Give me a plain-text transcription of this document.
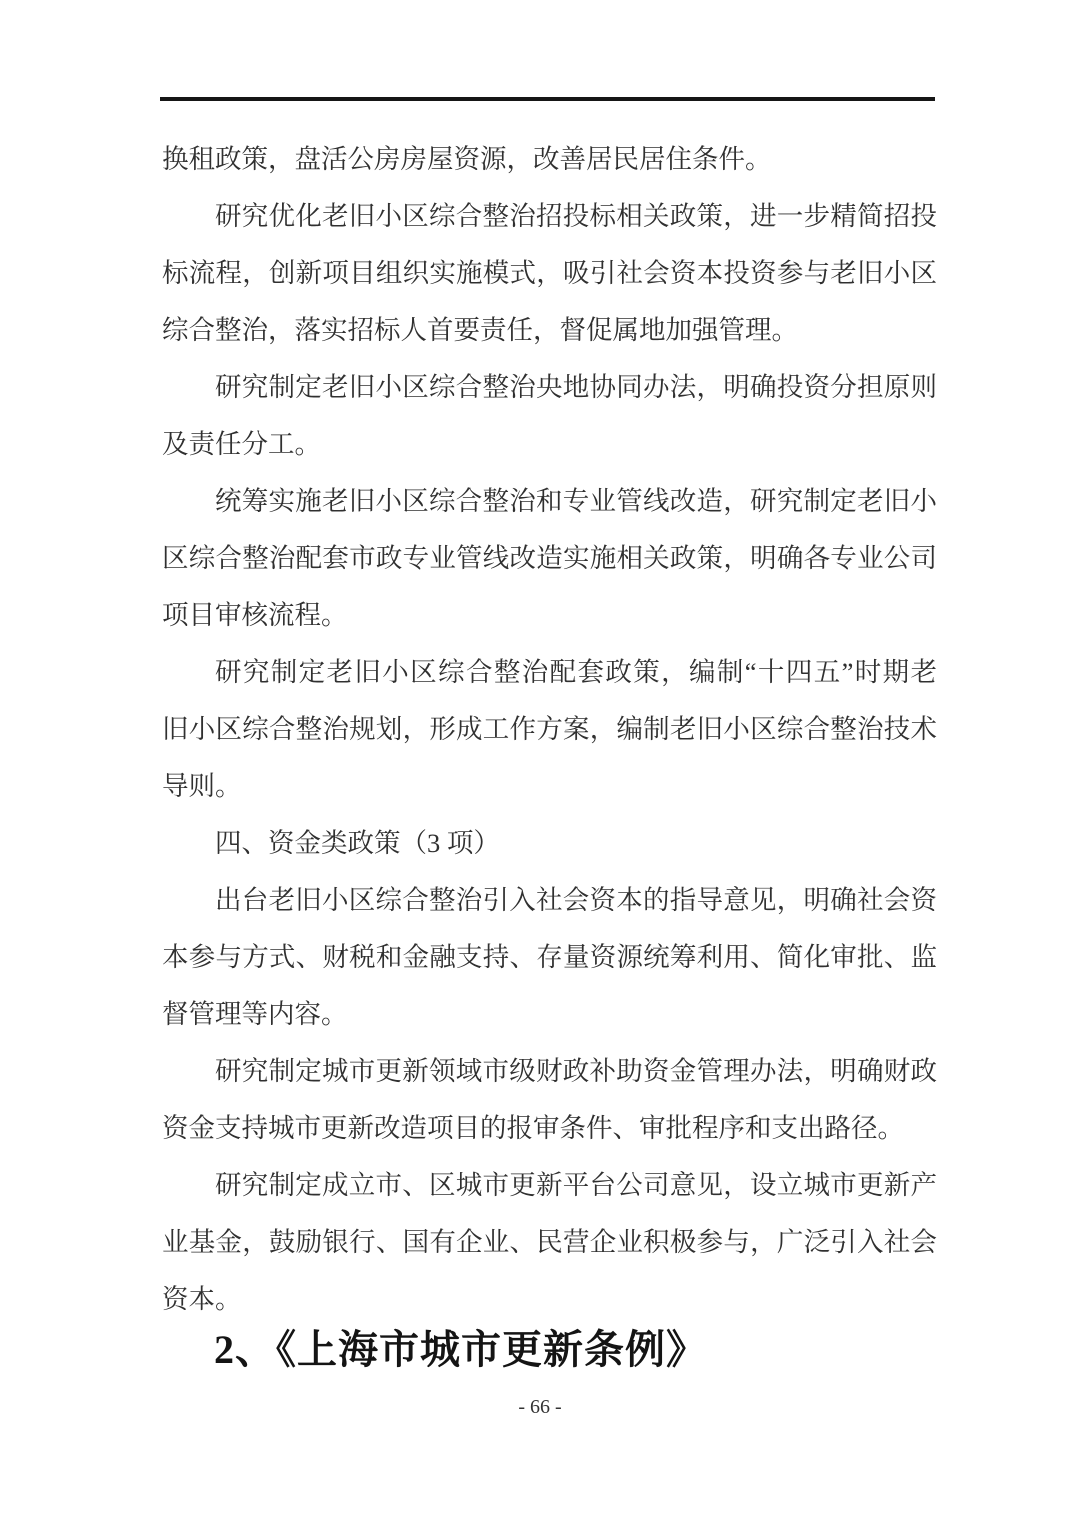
换租政策，盘活公房房屋资源，改善居民居住条件。
研究优化老旧小区综合整治招投标相关政策，进一步精简招投
标流程，创新项目组织实施模式，吸引社会资本投资参与老旧小区
综合整治，落实招标人首要责任，督促属地加强管理。
研究制定老旧小区综合整治央地协同办法，明确投资分担原则
及责任分工。
统筹实施老旧小区综合整治和专业管线改造，研究制定老旧小
区综合整治配套市政专业管线改造实施相关政策，明确各专业公司
项目审核流程。
研究制定老旧小区综合整治配套政策，编制“十四五”时期老
旧小区综合整治规划，形成工作方案，编制老旧小区综合整治技术
导则。
四、资金类政策（3 项）
出台老旧小区综合整治引入社会资本的指导意见，明确社会资
本参与方式、财税和金融支持、存量资源统筹利用、简化审批、监
督管理等内容。
研究制定城市更新领域市级财政补助资金管理办法，明确财政
资金支持城市更新改造项目的报审条件、审批程序和支出路径。
研究制定成立市、区城市更新平台公司意见，设立城市更新产
业基金，鼓励银行、国有企业、民营企业积极参与，广泛引入社会
资本。
2、《上海市城市更新条例》
- 66 -
